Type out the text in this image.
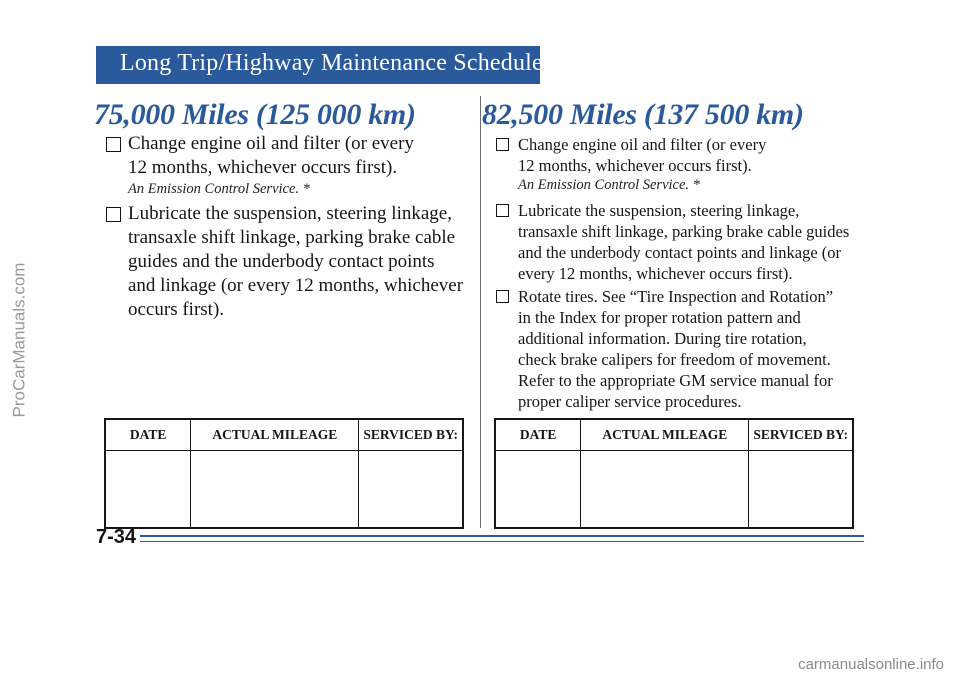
Long Trip/Highway Maintenance Schedule
75,000 Miles (125 000 km)
Change engine oil and filter (or every
12 months, whichever occurs first).
An Emission Control Service. *
Lubricate the suspension, steering linkage,
transaxle shift linkage, parking brake cable
guides and the underbody contact points
and linkage (or every 12 months, whichever
occurs first).
DATE	ACTUAL MILEAGE	SERVICED BY:

82,500 Miles (137 500 km)
Change engine oil and filter (or every
12 months, whichever occurs first).
An Emission Control Service. *
Lubricate the suspension, steering linkage,
transaxle shift linkage, parking brake cable guides
and the underbody contact points and linkage (or
every 12 months, whichever occurs first).
Rotate tires. See “Tire Inspection and Rotation”
in the Index for proper rotation pattern and
additional information. During tire rotation,
check brake calipers for freedom of movement.
Refer to the appropriate GM service manual for
proper caliper service procedures.
DATE	ACTUAL MILEAGE	SERVICED BY:

7-34
ProCarManuals.com
carmanualsonline.info
